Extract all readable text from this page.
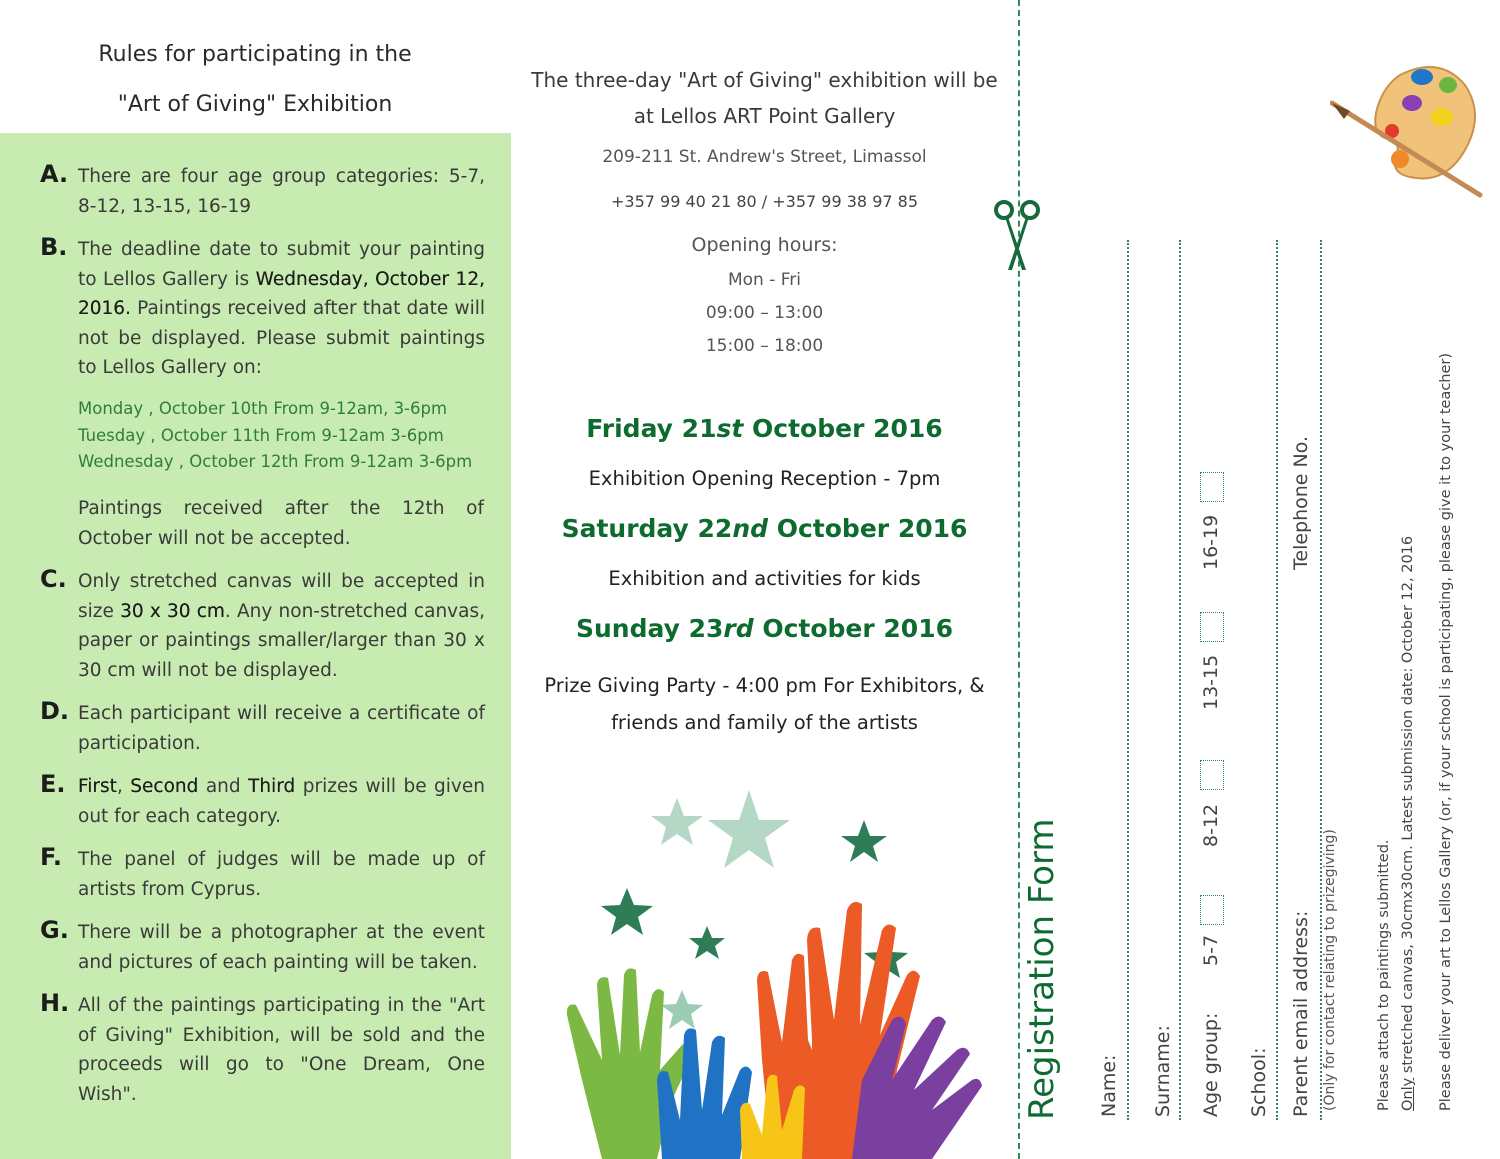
Rules for participating in the
"Art of Giving" Exhibition
A. There are four age group categories: 5-7, 8-12, 13-15, 16-19
B. The deadline date to submit your painting to Lellos Gallery is Wednesday, October 12, 2016. Paintings received after that date will not be displayed. Please submit paintings to Lellos Gallery on:
Monday , October 10th From 9-12am, 3-6pm
Tuesday , October 11th From 9-12am 3-6pm
Wednesday , October 12th From 9-12am 3-6pm
Paintings received after the 12th of October will not be accepted.
C. Only stretched canvas will be accepted in size 30 x 30 cm. Any non-stretched canvas, paper or paintings smaller/larger than 30 x 30 cm will not be displayed.
D. Each participant will receive a certificate of participation.
E. First, Second and Third prizes will be given out for each category.
F. The panel of judges will be made up of artists from Cyprus.
G. There will be a photographer at the event and pictures of each painting will be taken.
H. All of the paintings participating in the "Art of Giving" Exhibition, will be sold and the proceeds will go to "One Dream, One Wish".
The three-day "Art of Giving" exhibition will be
at Lellos ART Point Gallery
209-211 St. Andrew's Street, Limassol
+357 99 40 21 80 / +357 99 38 97 85
Opening hours:
Mon - Fri
09:00 – 13:00
15:00 – 18:00
Friday 21st October 2016
Exhibition Opening Reception - 7pm
Saturday 22nd October 2016
Exhibition and activities for kids
Sunday 23rd October 2016
Prize Giving Party - 4:00 pm For Exhibitors, &
friends and family of the artists
Registration Form Name: Surname: Age group:
5-7
8-12
13-15
16-19
School: Parent email address:
Telephone No.
(Only for contact relating to prizegiving)	Please attach to paintings submitted. Only stretched canvas, 30cmx30cm. Latest submission date: October 12, 2016 Please deliver your art to Lellos Gallery (or, if your school is participating, please give it to your teacher)
